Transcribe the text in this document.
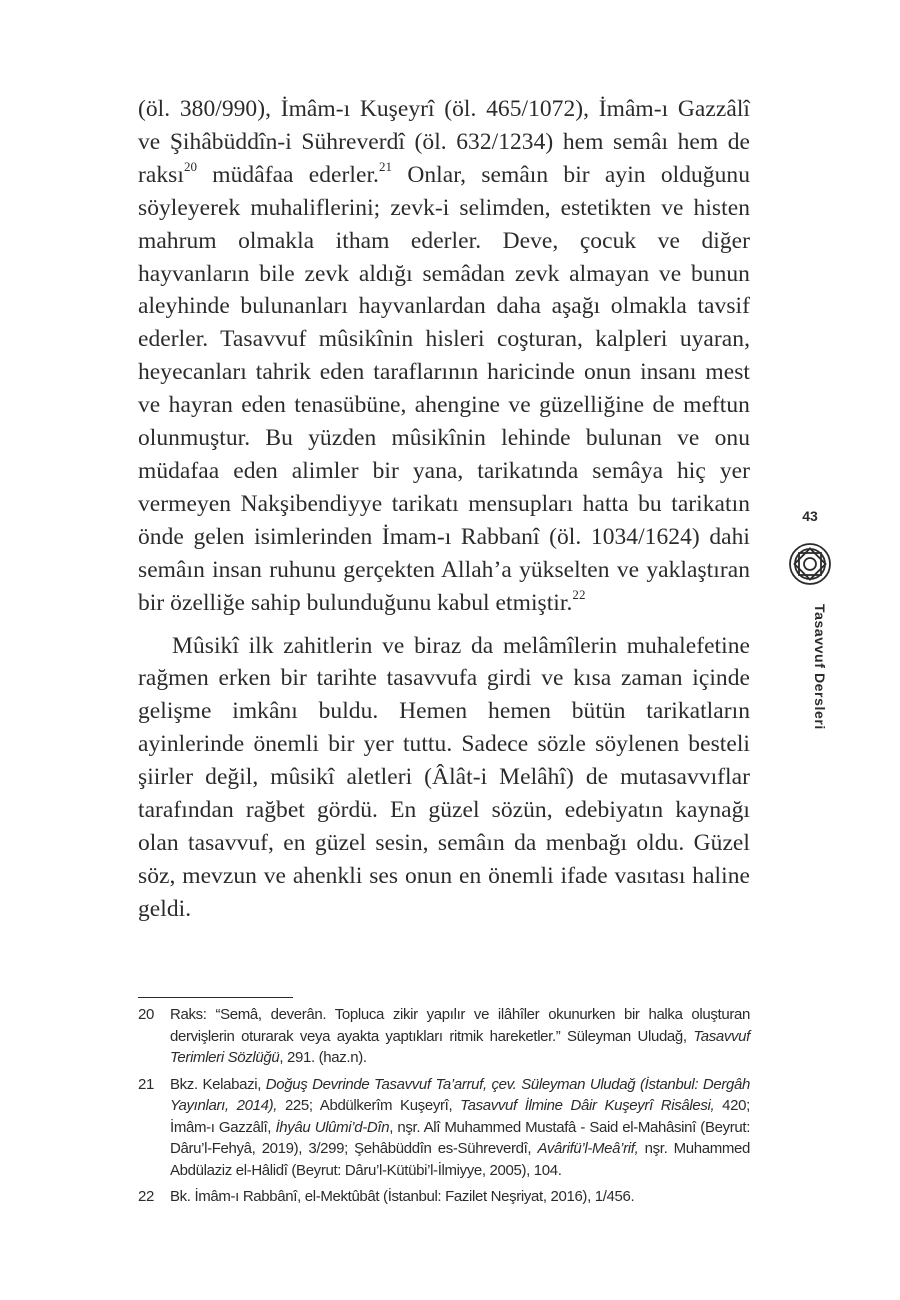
(öl. 380/990), İmâm-ı Kuşeyrî (öl. 465/1072), İmâm-ı Gazzâlî ve Şihâbüddîn-i Sühreverdî (öl. 632/1234) hem semâı hem de raksı$^{20}$ müdâfaa ederler.$^{21}$ Onlar, semâın bir ayin olduğunu söyleyerek muhaliflerini; zevk-i selimden, estetikten ve histen mahrum olmakla itham ederler. Deve, çocuk ve diğer hayvanların bile zevk aldığı semâdan zevk almayan ve bunun aleyhinde bulunanları hayvanlardan daha aşağı olmakla tavsif ederler. Tasavvuf mûsikînin hisleri coşturan, kalpleri uyaran, heyecanları tahrik eden taraflarının haricinde onun insanı mest ve hayran eden tenasübüne, ahengine ve güzelliğine de meftun olunmuştur. Bu yüzden mûsikînin lehinde bulunan ve onu müdafaa eden alimler bir yana, tarikatında semâya hiç yer vermeyen Nakşibendiyye tarikatı mensupları hatta bu tarikatın önde gelen isimlerinden İmam-ı Rabbanî (öl. 1034/1624) dahi semâın insan ruhunu gerçekten Allah’a yükselten ve yaklaştıran bir özelliğe sahip bulunduğunu kabul etmiştir.$^{22}$

Mûsikî ilk zahitlerin ve biraz da melâmîlerin muhalefetine rağmen erken bir tarihte tasavvufa girdi ve kısa zaman içinde gelişme imkânı buldu. Hemen hemen bütün tarikatların ayinlerinde önemli bir yer tuttu. Sadece sözle söylenen besteli şiirler değil, mûsikî aletleri (Âlât-i Melâhî) de mutasavvıflar tarafından rağbet gördü. En güzel sözün, edebiyatın kaynağı olan tasavvuf, en güzel sesin, semâın da menbağı oldu. Güzel söz, mevzun ve ahenkli ses onun en önemli ifade vasıtası haline geldi.

43
Tasavvuf Dersleri
20	Raks: “Semâ, deverân. Topluca zikir yapılır ve ilâhîler okunurken bir halka oluşturan dervişlerin oturarak veya ayakta yaptıkları ritmik hareketler.” Süleyman Uludağ, Tasavvuf Terimleri Sözlüğü, 291. (haz.n).
21	Bkz. Kelabazi, Doğuş Devrinde Tasavvuf Ta’arruf, çev. Süleyman Uludağ (İstanbul: Dergâh Yayınları, 2014), 225; Abdülkerîm Kuşeyrî, Tasavvuf İlmine Dâir Kuşeyrî Risâlesi, 420; İmâm-ı Gazzâlî, İhyâu Ulûmi’d-Dîn, nşr. Alî Muhammed Mustafâ - Said el-Mahâsinî (Beyrut: Dâru’l-Fehyâ, 2019), 3/299; Şehâbüddîn es-Sühreverdî, Avârifü’l-Meâ’rif, nşr. Muhammed Abdülaziz el-Hâlidî (Beyrut: Dâru’l-Kütübi’l-İlmiyye, 2005), 104.
22	Bk. İmâm-ı Rabbânî, el-Mektûbât (İstanbul: Fazilet Neşriyat, 2016), 1/456.
